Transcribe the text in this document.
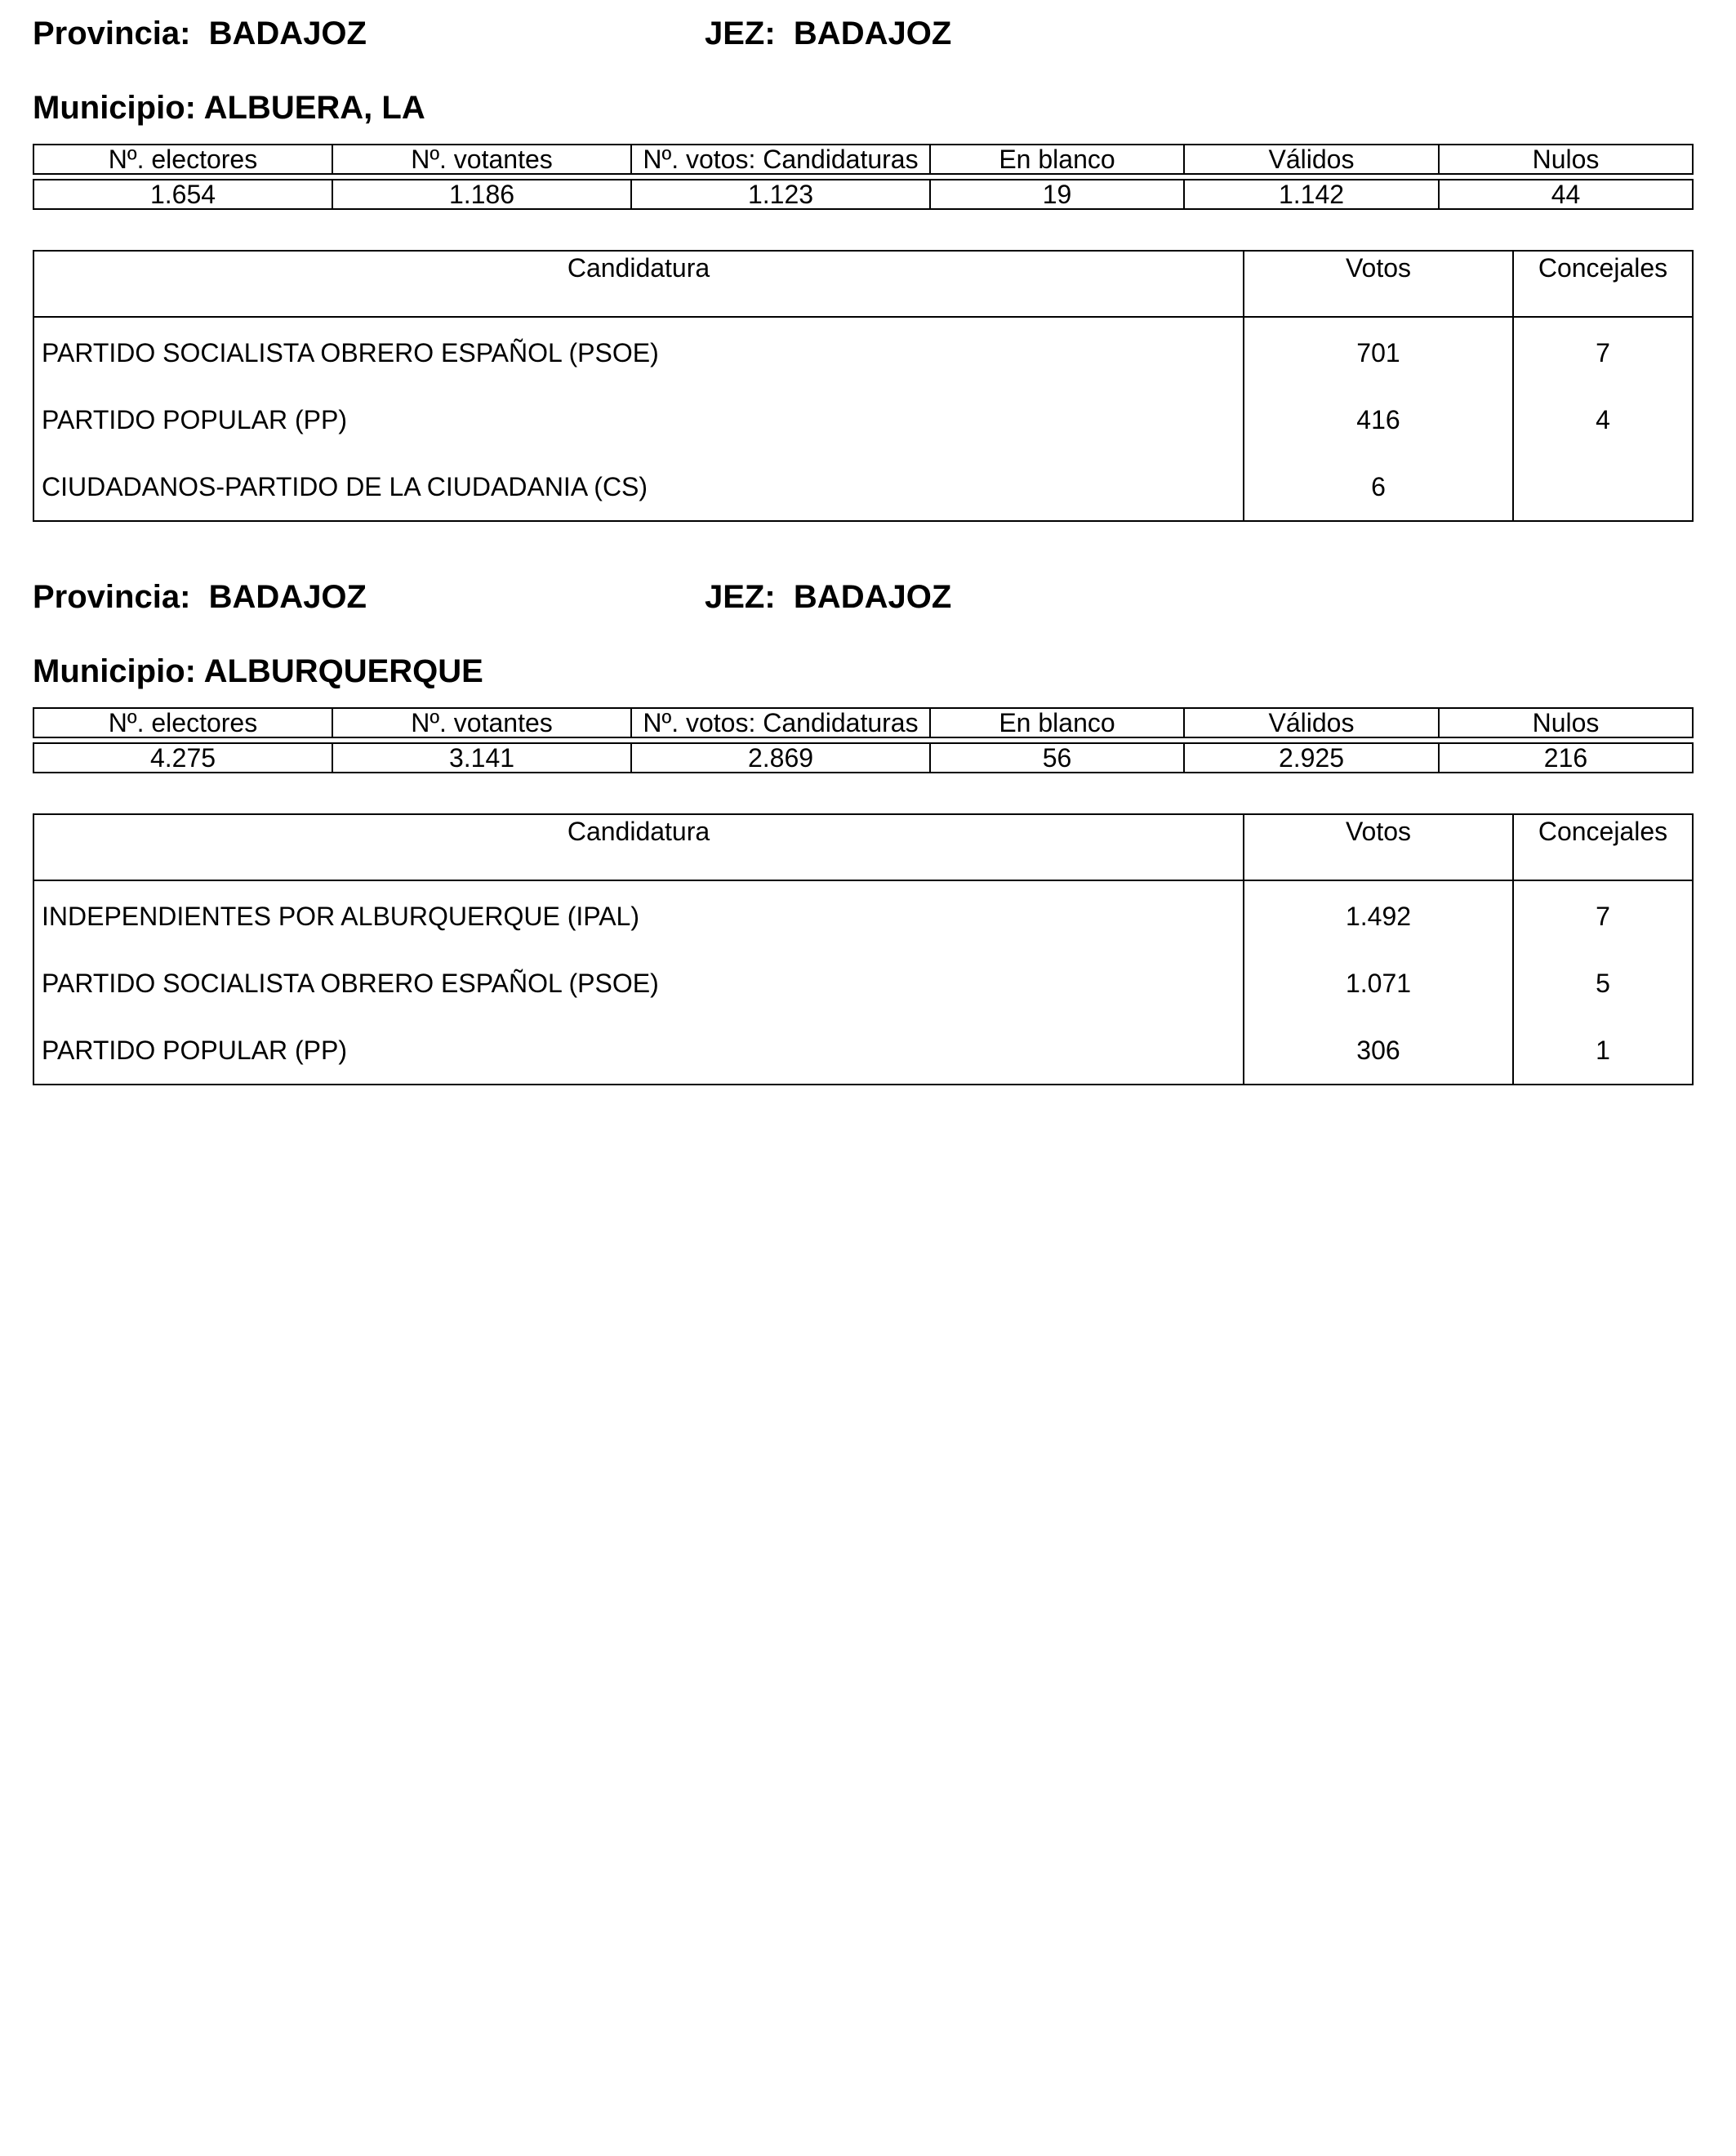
Provincia: BADAJOZ	JEZ: BADAJOZ
Municipio: ALBUERA, LA
Nº. electores	Nº. votantes	Nº. votos: Candidaturas	En blanco	Válidos	Nulos

1.654	1.186	1.123	19	1.142	44
Candidatura	Votos	Concejales
PARTIDO SOCIALISTA OBRERO ESPAÑOL (PSOE)	701	7
PARTIDO POPULAR (PP)	416	4
CIUDADANOS-PARTIDO DE LA CIUDADANIA (CS)	6	
Provincia: BADAJOZ	JEZ: BADAJOZ
Municipio: ALBURQUERQUE
Nº. electores	Nº. votantes	Nº. votos: Candidaturas	En blanco	Válidos	Nulos

4.275	3.141	2.869	56	2.925	216
Candidatura	Votos	Concejales
INDEPENDIENTES POR ALBURQUERQUE (IPAL)	1.492	7
PARTIDO SOCIALISTA OBRERO ESPAÑOL (PSOE)	1.071	5
PARTIDO POPULAR (PP)	306	1
